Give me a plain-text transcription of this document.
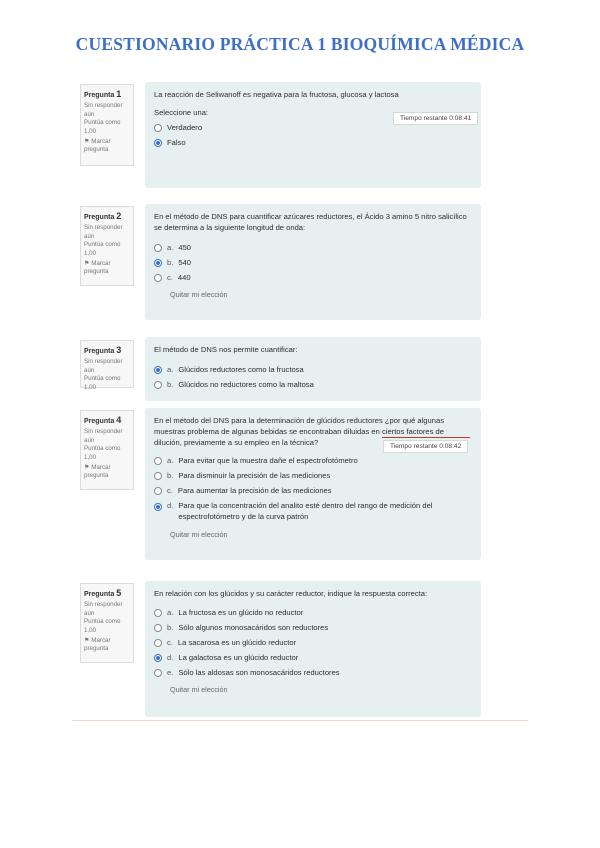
CUESTIONARIO PRÁCTICA 1 BIOQUÍMICA MÉDICA
Pregunta 1
Sin responder aún
Puntúa como 1,00
⚑ Marcar pregunta
La reacción de Seliwanoff es negativa para la fructosa, glucosa y lactosa
Seleccione una:
Verdadero
Falso
Tiempo restante 0:08:41
Pregunta 2
Sin responder aún
Puntúa como 1,00
⚑ Marcar pregunta
En el método de DNS para cuantificar azúcares reductores, el Ácido 3 amino 5 nitro salicílico se determina a la siguiente longitud de onda:
a. 450
b. 540
c. 440
Quitar mi elección
Pregunta 3
Sin responder aún
Puntúa como 1,00
El método de DNS nos permite cuantificar:
a. Glúcidos reductores como la fructosa
b. Glúcidos no reductores como la maltosa
Pregunta 4
Sin responder aún
Puntúa como 1,00
⚑ Marcar pregunta
En el método del DNS para la determinación de glúcidos reductores ¿por qué algunas muestras problema de algunas bebidas se encontraban diluidas en ciertos factores de dilución, previamente a su empleo en la técnica?
a. Para evitar que la muestra dañe el espectrofotómetro
b. Para disminuir la precisión de las mediciones
c. Para aumentar la precisión de las mediciones
d. Para que la concentración del analito esté dentro del rango de medición del espectrofotómetro y de la curva patrón
Quitar mi elección
Tiempo restante 0:08:42
Pregunta 5
Sin responder aún
Puntúa como 1,00
⚑ Marcar pregunta
En relación con los glúcidos y su carácter reductor, indique la respuesta correcta:
a. La fructosa es un glúcido no reductor
b. Sólo algunos monosacáridos son reductores
c. La sacarosa es un glúcido reductor
d. La galactosa es un glúcido reductor
e. Sólo las aldosas son monosacáridos reductores
Quitar mi elección
